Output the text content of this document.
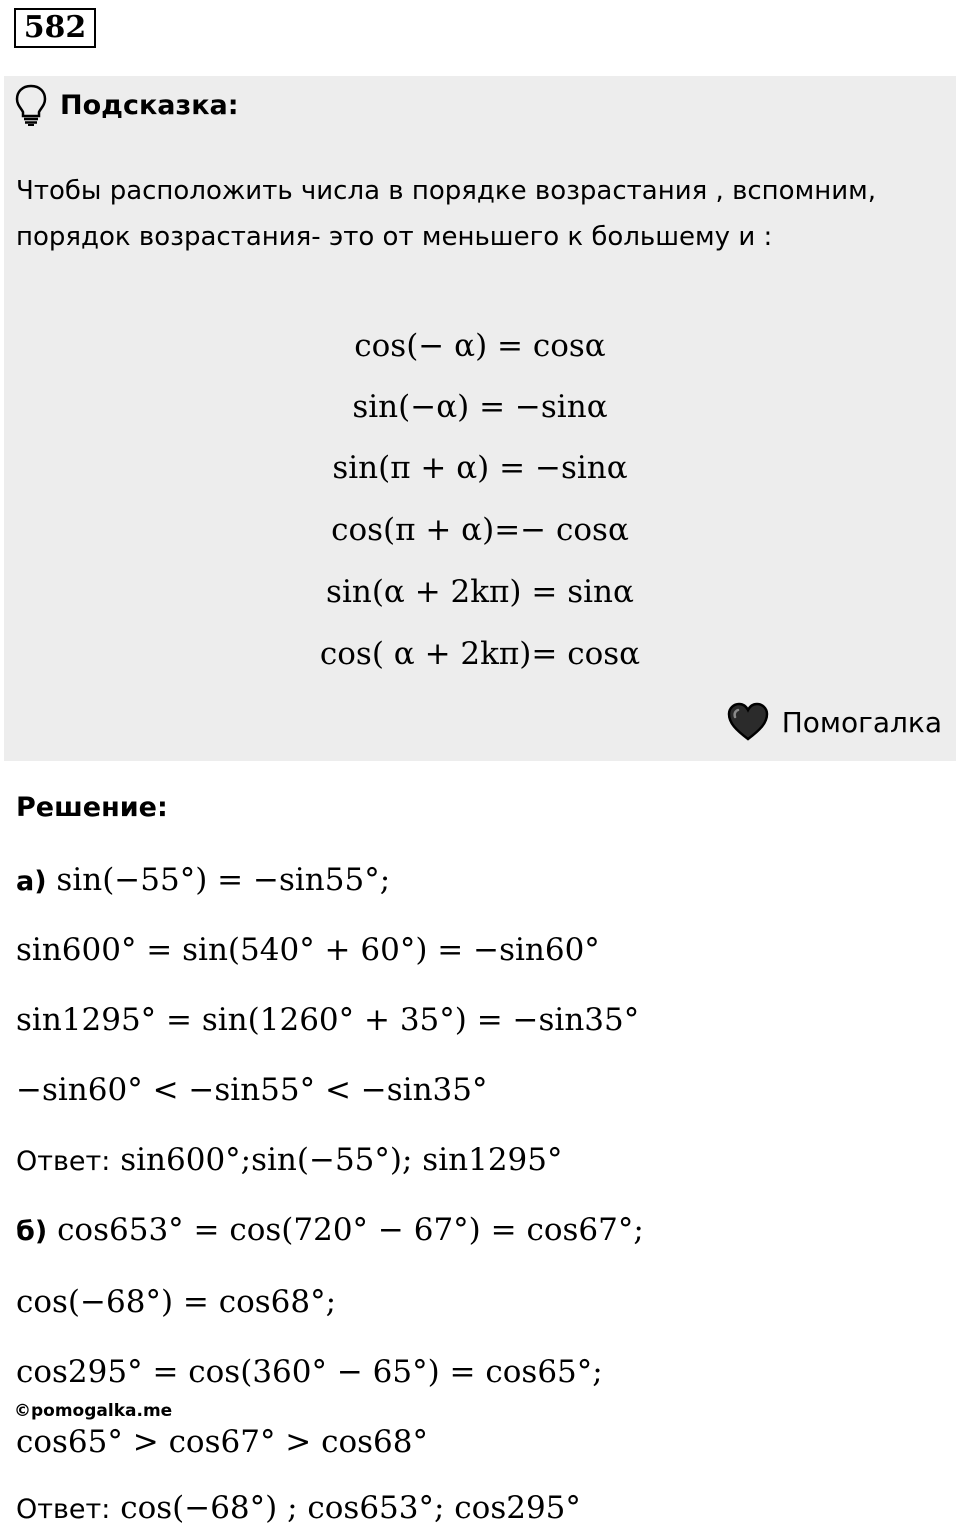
582
Подсказка:
Чтобы расположить числа в порядке возрастания , вспомним, порядок возрастания- это от меньшего к большему и :
cos(− α) = cosα
sin(−α) = −sinα
sin(π + α) = −sinα
cos(π + α)=− cosα
sin(α + 2kπ) = sinα
cos( α + 2kπ)= cosα
Помогалка
Решение:
а) sin(−55°) = −sin55°;
sin600° = sin(540° + 60°) = −sin60°
sin1295° = sin(1260° + 35°) = −sin35°
−sin60° < −sin55° < −sin35°
Ответ: sin600°;sin(−55°); sin1295°
б) cos653° = cos(720° − 67°) = cos67°;
cos(−68°) = cos68°;
cos295° = cos(360° − 65°) = cos65°;
©pomogalka.me
cos65° > cos67° > cos68°
Ответ: cos(−68°) ; cos653°; cos295°
